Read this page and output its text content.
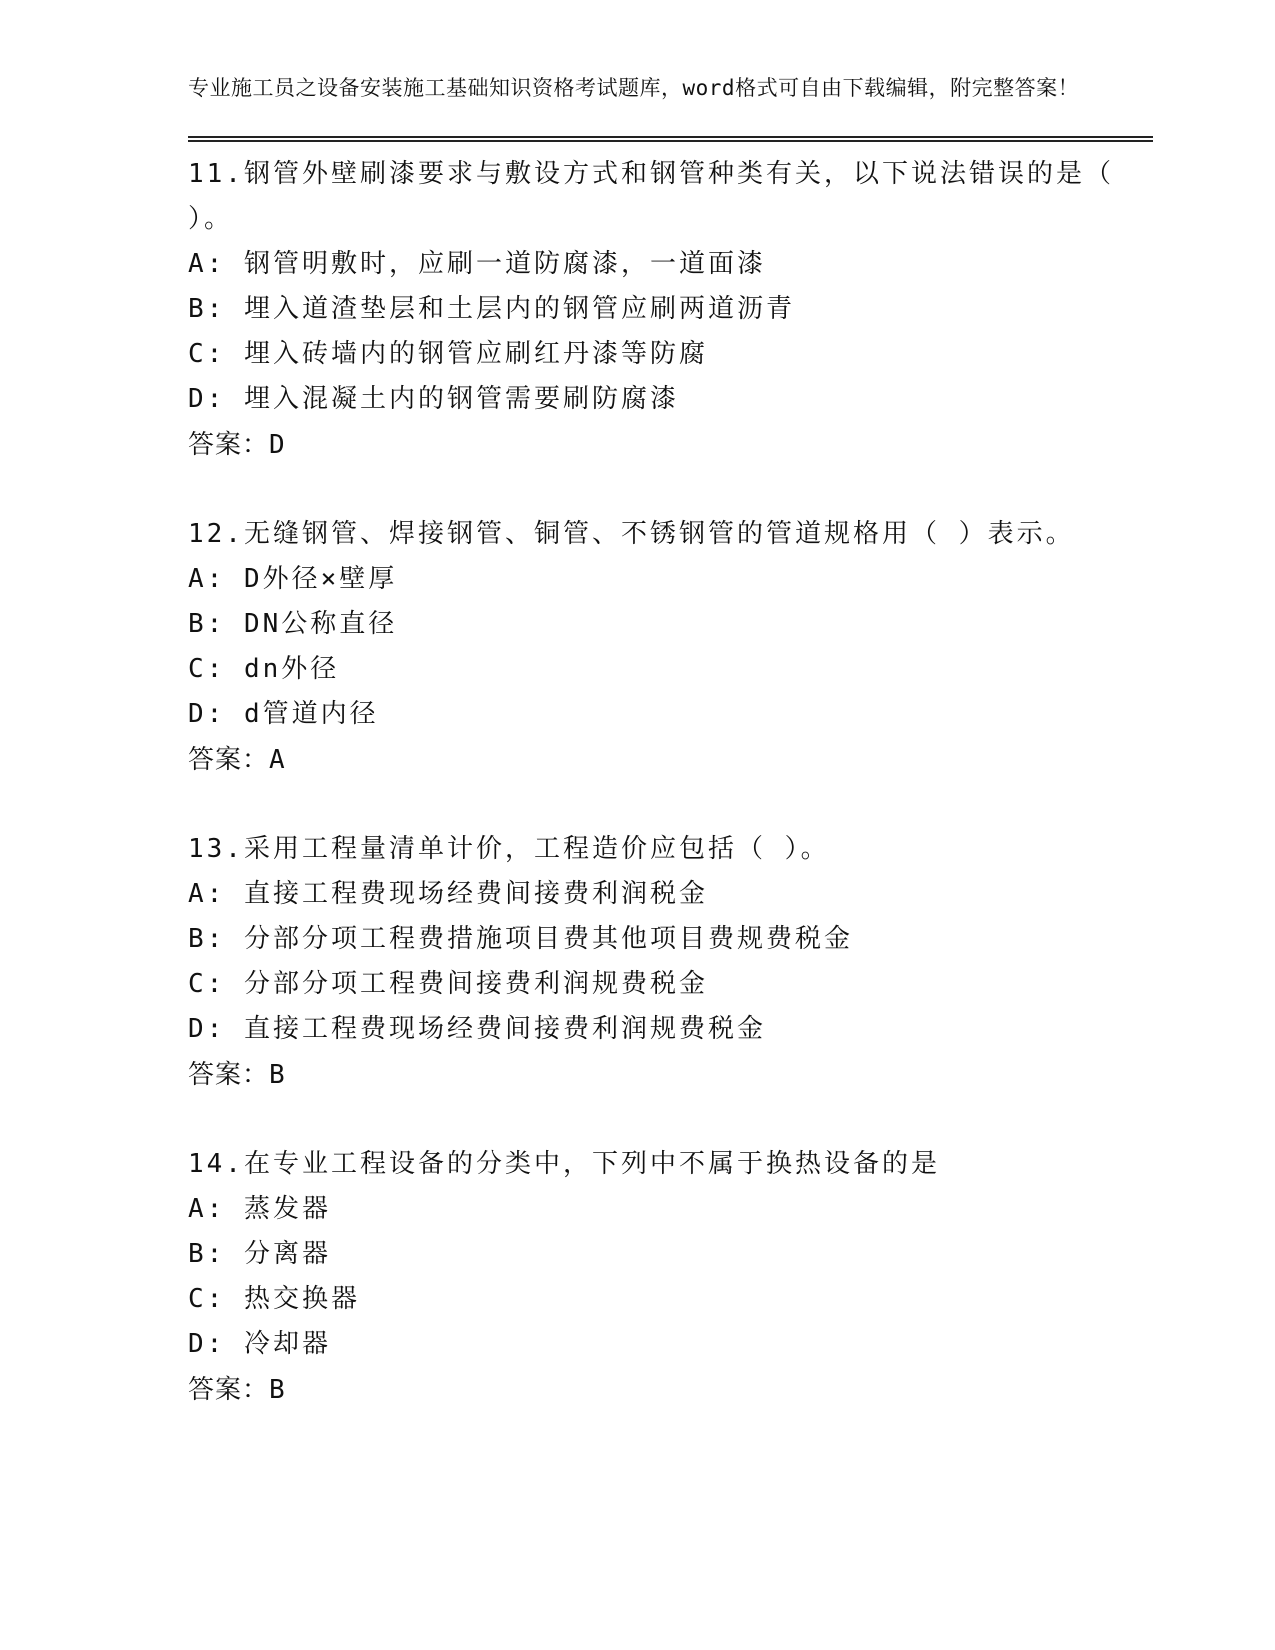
专业施工员之设备安装施工基础知识资格考试题库，word格式可自由下载编辑，附完整答案！

11.钢管外壁刷漆要求与敷设方式和钢管种类有关，以下说法错误的是（ ）。

A: 钢管明敷时，应刷一道防腐漆，一道面漆

B: 埋入道渣垫层和土层内的钢管应刷两道沥青

C: 埋入砖墙内的钢管应刷红丹漆等防腐

D: 埋入混凝土内的钢管需要刷防腐漆

答案：D

12.无缝钢管、焊接钢管、铜管、不锈钢管的管道规格用（ ）表示。

A: D外径×壁厚

B: DN公称直径

C: dn外径

D: d管道内径

答案：A

13.采用工程量清单计价，工程造价应包括（ ）。

A: 直接工程费现场经费间接费利润税金

B: 分部分项工程费措施项目费其他项目费规费税金

C: 分部分项工程费间接费利润规费税金

D: 直接工程费现场经费间接费利润规费税金

答案：B

14.在专业工程设备的分类中，下列中不属于换热设备的是

A: 蒸发器

B: 分离器

C: 热交换器

D: 冷却器

答案：B
